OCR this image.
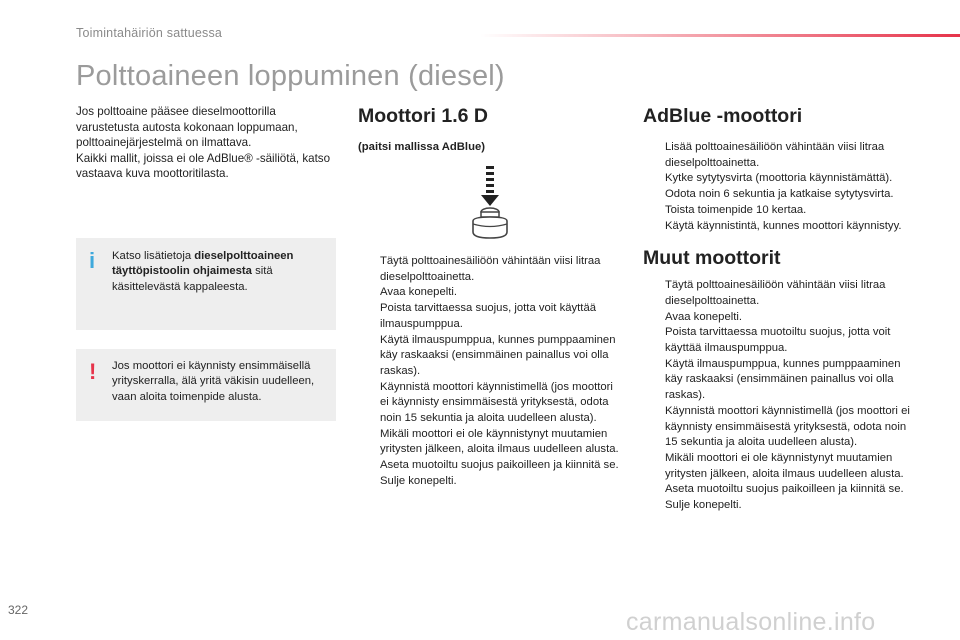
Toimintahäiriön sattuessa
Polttoaineen loppuminen (diesel)

Jos polttoaine pääsee dieselmoottorilla varustetusta autosta kokonaan loppumaan, polttoainejärjestelmä on ilmattava.

Kaikki mallit, joissa ei ole AdBlue® -säiliötä, katso vastaava kuva moottoritilasta.

i Katso lisätietoja dieselpolttoaineen täyttöpistoolin ohjaimesta sitä käsittelevästä kappaleesta.
! Jos moottori ei käynnisty ensimmäisellä yrityskerralla, älä yritä väkisin uudelleen, vaan aloita toimenpide alusta.
Moottori 1.6 D
(paitsi mallissa AdBlue)
Täytä polttoainesäiliöön vähintään viisi litraa dieselpolttoainetta.
Avaa konepelti.
Poista tarvittaessa suojus, jotta voit käyttää ilmauspumppua.
Käytä ilmauspumppua, kunnes pumppaaminen käy raskaaksi (ensimmäinen painallus voi olla raskas).
Käynnistä moottori käynnistimellä (jos moottori ei käynnisty ensimmäisestä yrityksestä, odota noin 15 sekuntia ja aloita uudelleen alusta).
Mikäli moottori ei ole käynnistynyt muutamien yritysten jälkeen, aloita ilmaus uudelleen alusta.
Aseta muotoiltu suojus paikoilleen ja kiinnitä se.
Sulje konepelti.
AdBlue -moottori
Lisää polttoainesäiliöön vähintään viisi litraa dieselpolttoainetta.
Kytke sytytysvirta (moottoria käynnistämättä).
Odota noin 6 sekuntia ja katkaise sytytysvirta.
Toista toimenpide 10 kertaa.
Käytä käynnistintä, kunnes moottori käynnistyy.
Muut moottorit
Täytä polttoainesäiliöön vähintään viisi litraa dieselpolttoainetta.
Avaa konepelti.
Poista tarvittaessa muotoiltu suojus, jotta voit käyttää ilmauspumppua.
Käytä ilmauspumppua, kunnes pumppaaminen käy raskaaksi (ensimmäinen painallus voi olla raskas).
Käynnistä moottori käynnistimellä (jos moottori ei käynnisty ensimmäisestä yrityksestä, odota noin 15 sekuntia ja aloita uudelleen alusta).
Mikäli moottori ei ole käynnistynyt muutamien yritysten jälkeen, aloita ilmaus uudelleen alusta.
Aseta muotoiltu suojus paikoilleen ja kiinnitä se.
Sulje konepelti.
322	carmanualsonline.info
